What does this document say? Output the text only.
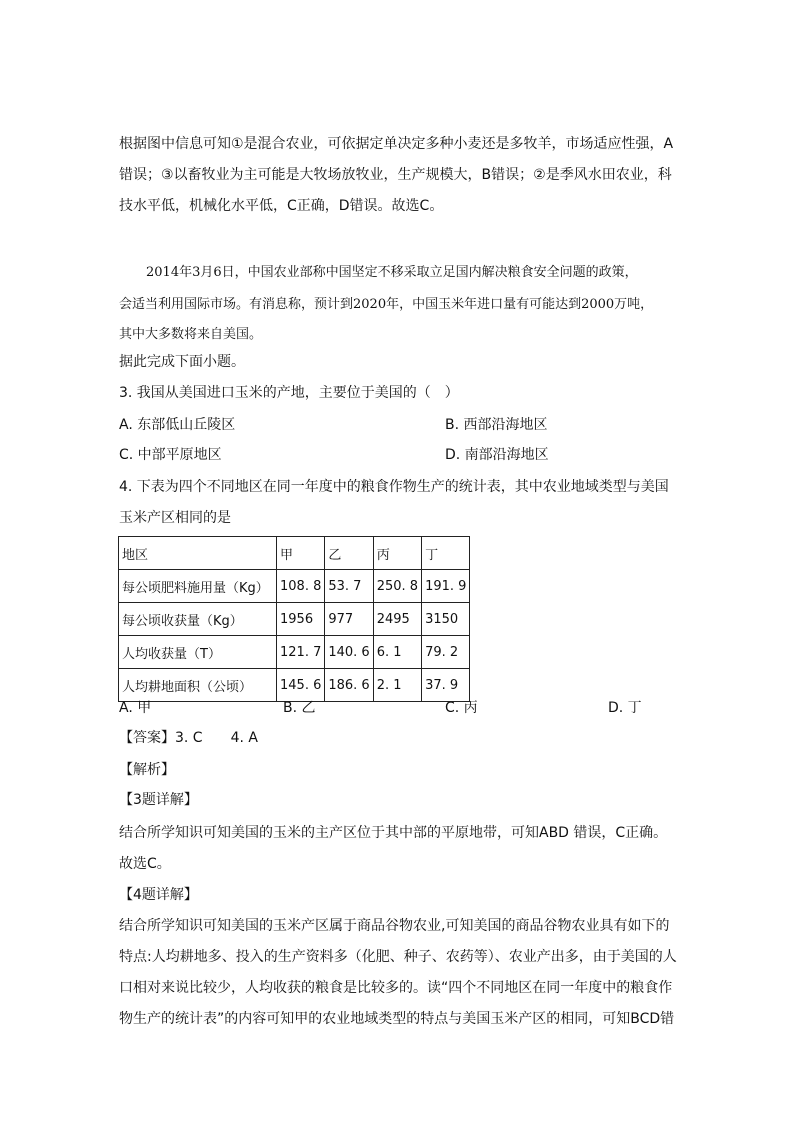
根据图中信息可知①是混合农业，可依据定单决定多种小麦还是多牧羊，市场适应性强，A
错误；③以畜牧业为主可能是大牧场放牧业，生产规模大，B错误；②是季风水田农业，科
技水平低，机械化水平低，C正确，D错误。故选C。
2014年3月6日，中国农业部称中国坚定不移采取立足国内解决粮食安全问题的政策，
会适当利用国际市场。有消息称，预计到2020年，中国玉米年进口量有可能达到2000万吨，
其中大多数将来自美国。
据此完成下面小题。
3. 我国从美国进口玉米的产地，主要位于美国的（　）
A. 东部低山丘陵区	B. 西部沿海地区
C. 中部平原地区	D. 南部沿海地区
4. 下表为四个不同地区在同一年度中的粮食作物生产的统计表，其中农业地域类型与美国
玉米产区相同的是
地区	甲	乙	丙	丁
每公顷肥料施用量（Kg）	108. 8	53. 7	250. 8	191. 9
每公顷收获量（Kg）	1956	977	2495	3150
人均收获量（T）	121. 7	140. 6	6. 1	79. 2
人均耕地面积（公顷）	145. 6	186. 6	2. 1	37. 9
A. 甲	B. 乙	C. 丙	D. 丁
【答案】3. C 4. A
【解析】
【3题详解】
结合所学知识可知美国的玉米的主产区位于其中部的平原地带，可知ABD 错误，C正确。
故选C。
【4题详解】
结合所学知识可知美国的玉米产区属于商品谷物农业,可知美国的商品谷物农业具有如下的
特点:人均耕地多、投入的生产资料多（化肥、种子、农药等）、农业产出多，由于美国的人
口相对来说比较少，人均收获的粮食是比较多的。读“四个不同地区在同一年度中的粮食作
物生产的统计表”的内容可知甲的农业地域类型的特点与美国玉米产区的相同，可知BCD错
